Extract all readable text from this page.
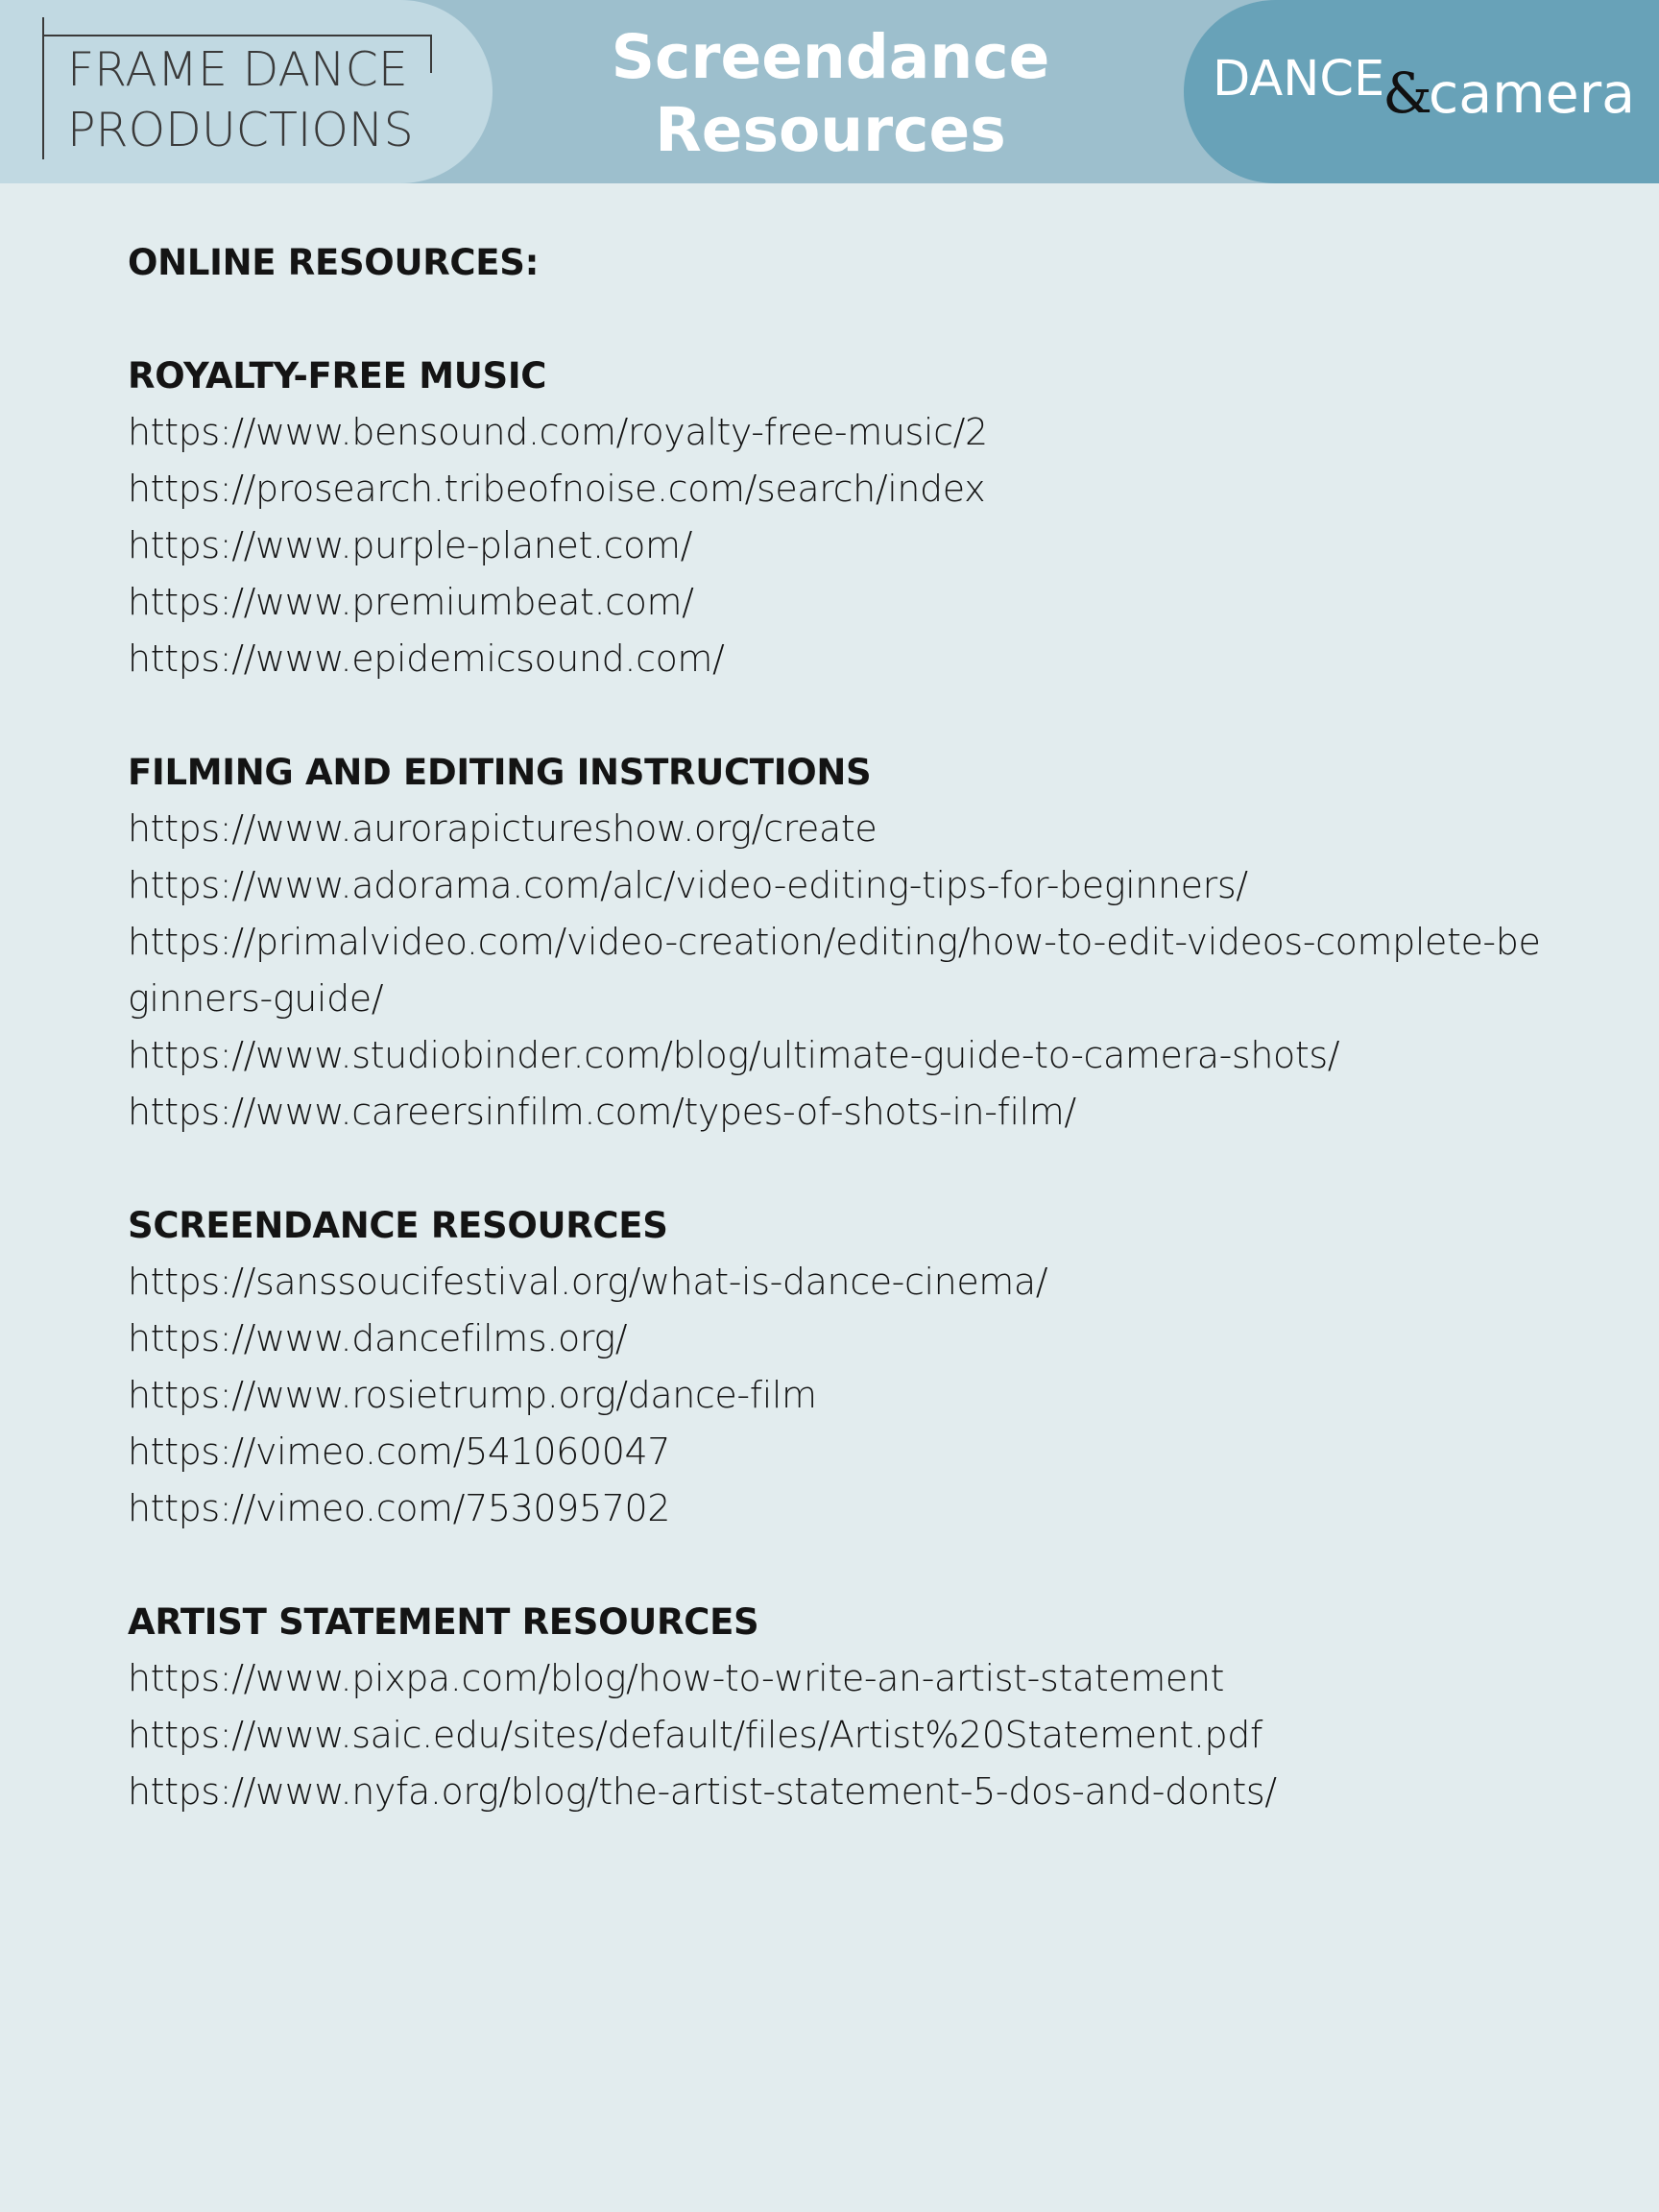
FRAME DANCE
PRODUCTIONS
Screendance
Resources
DANCE&camera
ONLINE RESOURCES:
ROYALTY-FREE MUSIC
https://www.bensound.com/royalty-free-music/2
https://prosearch.tribeofnoise.com/search/index
https://www.purple-planet.com/
https://www.premiumbeat.com/
https://www.epidemicsound.com/
FILMING AND EDITING INSTRUCTIONS
https://www.aurorapictureshow.org/create
https://www.adorama.com/alc/video-editing-tips-for-beginners/
https://primalvideo.com/video-creation/editing/how-to-edit-videos-complete-beginners-guide/
https://www.studiobinder.com/blog/ultimate-guide-to-camera-shots/
https://www.careersinfilm.com/types-of-shots-in-film/
SCREENDANCE RESOURCES
https://sanssoucifestival.org/what-is-dance-cinema/
https://www.dancefilms.org/
https://www.rosietrump.org/dance-film
https://vimeo.com/541060047
https://vimeo.com/753095702
ARTIST STATEMENT RESOURCES
https://www.pixpa.com/blog/how-to-write-an-artist-statement
https://www.saic.edu/sites/default/files/Artist%20Statement.pdf
https://www.nyfa.org/blog/the-artist-statement-5-dos-and-donts/
